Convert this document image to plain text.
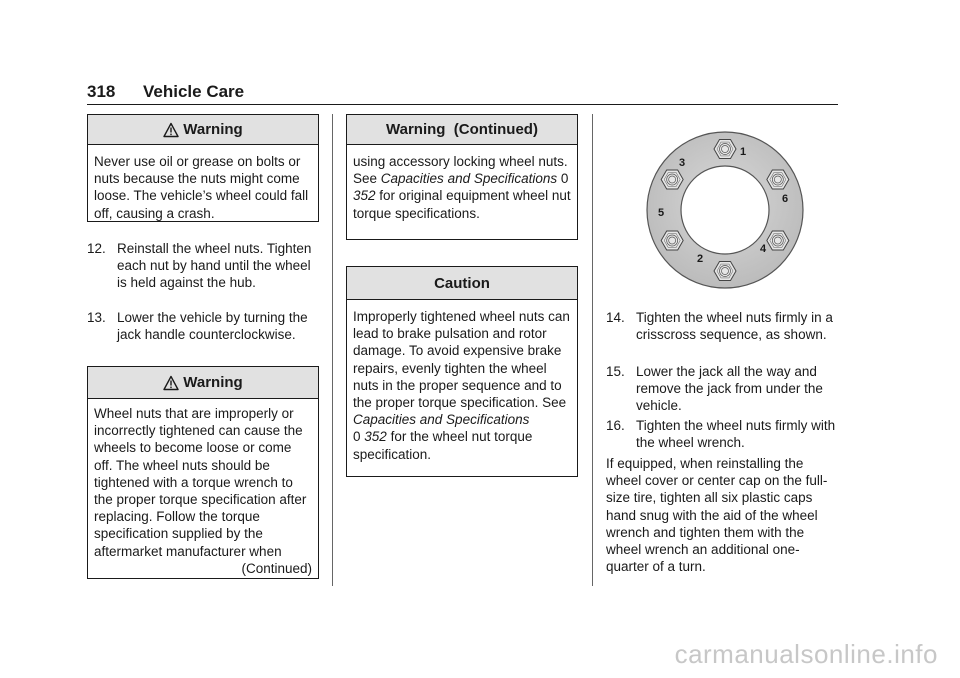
318 Vehicle Care
Warning
Never use oil or grease on bolts or nuts because the nuts might come loose. The vehicle’s wheel could fall off, causing a crash.
12. Reinstall the wheel nuts. Tighten each nut by hand until the wheel is held against the hub.
13. Lower the vehicle by turning the jack handle counterclockwise.
Warning
Wheel nuts that are improperly or incorrectly tightened can cause the wheels to become loose or come off. The wheel nuts should be tightened with a torque wrench to the proper torque specification after replacing. Follow the torque specification supplied by the aftermarket manufacturer when
(Continued)
Warning  (Continued)
using accessory locking wheel nuts. See Capacities and Specifications 0 352 for original equipment wheel nut torque specifications.
Caution
Improperly tightened wheel nuts can lead to brake pulsation and rotor damage. To avoid expensive brake repairs, evenly tighten the wheel nuts in the proper sequence and to the proper torque specification. See
Capacities and Specifications
0 352 for the wheel nut torque specification.
1
2
3
4
5
6
14. Tighten the wheel nuts firmly in a crisscross sequence, as shown.
15. Lower the jack all the way and remove the jack from under the vehicle.
16. Tighten the wheel nuts firmly with the wheel wrench.
If equipped, when reinstalling the wheel cover or center cap on the full-size tire, tighten all six plastic caps hand snug with the aid of the wheel wrench and tighten them with the wheel wrench an additional one-quarter of a turn.
carmanualsonline.info
